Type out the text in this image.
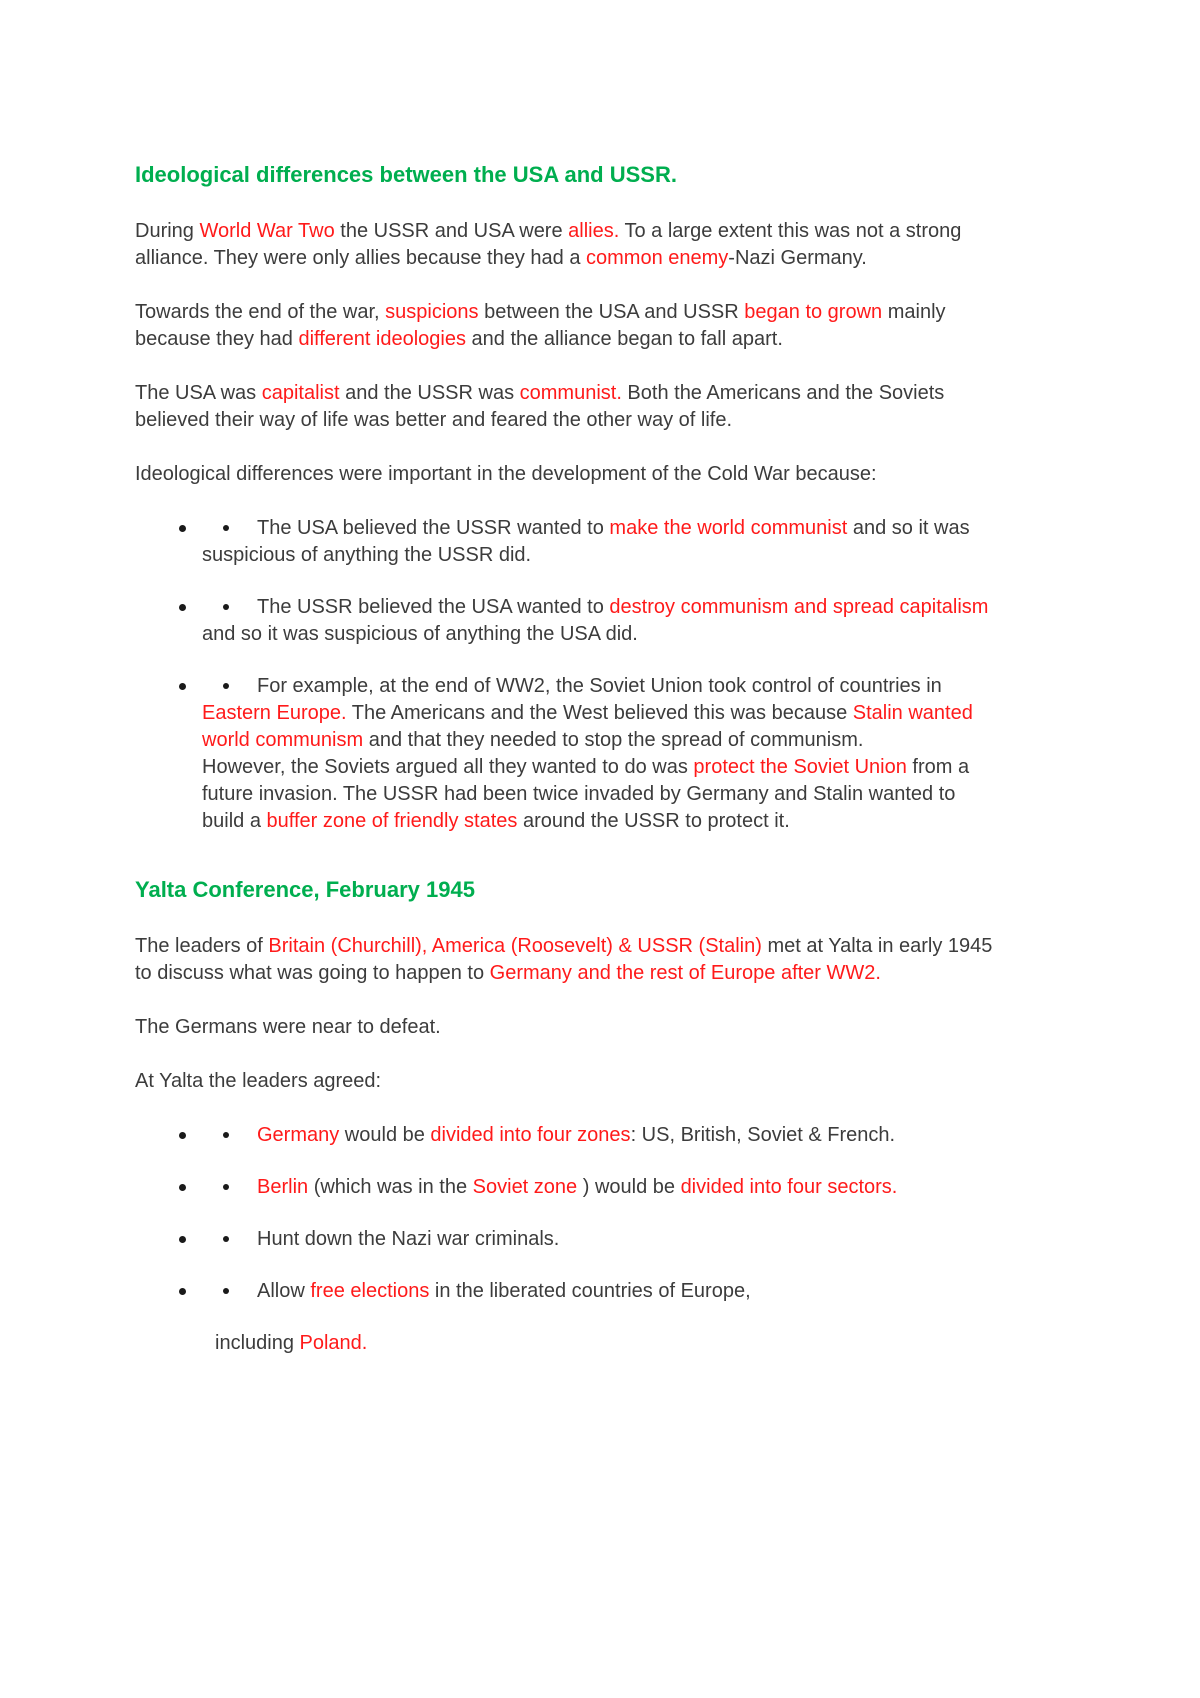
Ideological differences between the USA and USSR.

During World War Two the USSR and USA were allies. To a large extent this was not a strong alliance. They were only allies because they had a common enemy-Nazi Germany.

Towards the end of the war, suspicions between the USA and USSR began to grown mainly because they had different ideologies and the alliance began to fall apart.

The USA was capitalist and the USSR was communist. Both the Americans and the Soviets believed their way of life was better and feared the other way of life.

Ideological differences were important in the development of the Cold War because:

The USA believed the USSR wanted to make the world communist and so it was suspicious of anything the USSR did.
The USSR believed the USA wanted to destroy communism and spread capitalism and so it was suspicious of anything the USA did.
For example, at the end of WW2, the Soviet Union took control of countries in Eastern Europe. The Americans and the West believed this was because Stalin wanted world communism and that they needed to stop the spread of communism.
However, the Soviets argued all they wanted to do was protect the Soviet Union from a future invasion. The USSR had been twice invaded by Germany and Stalin wanted to build a buffer zone of friendly states around the USSR to protect it.
Yalta Conference, February 1945

The leaders of Britain (Churchill), America (Roosevelt) & USSR (Stalin) met at Yalta in early 1945 to discuss what was going to happen to Germany and the rest of Europe after WW2.

The Germans were near to defeat.

At Yalta the leaders agreed:

Germany would be divided into four zones: US, British, Soviet & French.
Berlin (which was in the Soviet zone ) would be divided into four sectors.
Hunt down the Nazi war criminals.
Allow free elections in the liberated countries of Europe,

including Poland.
